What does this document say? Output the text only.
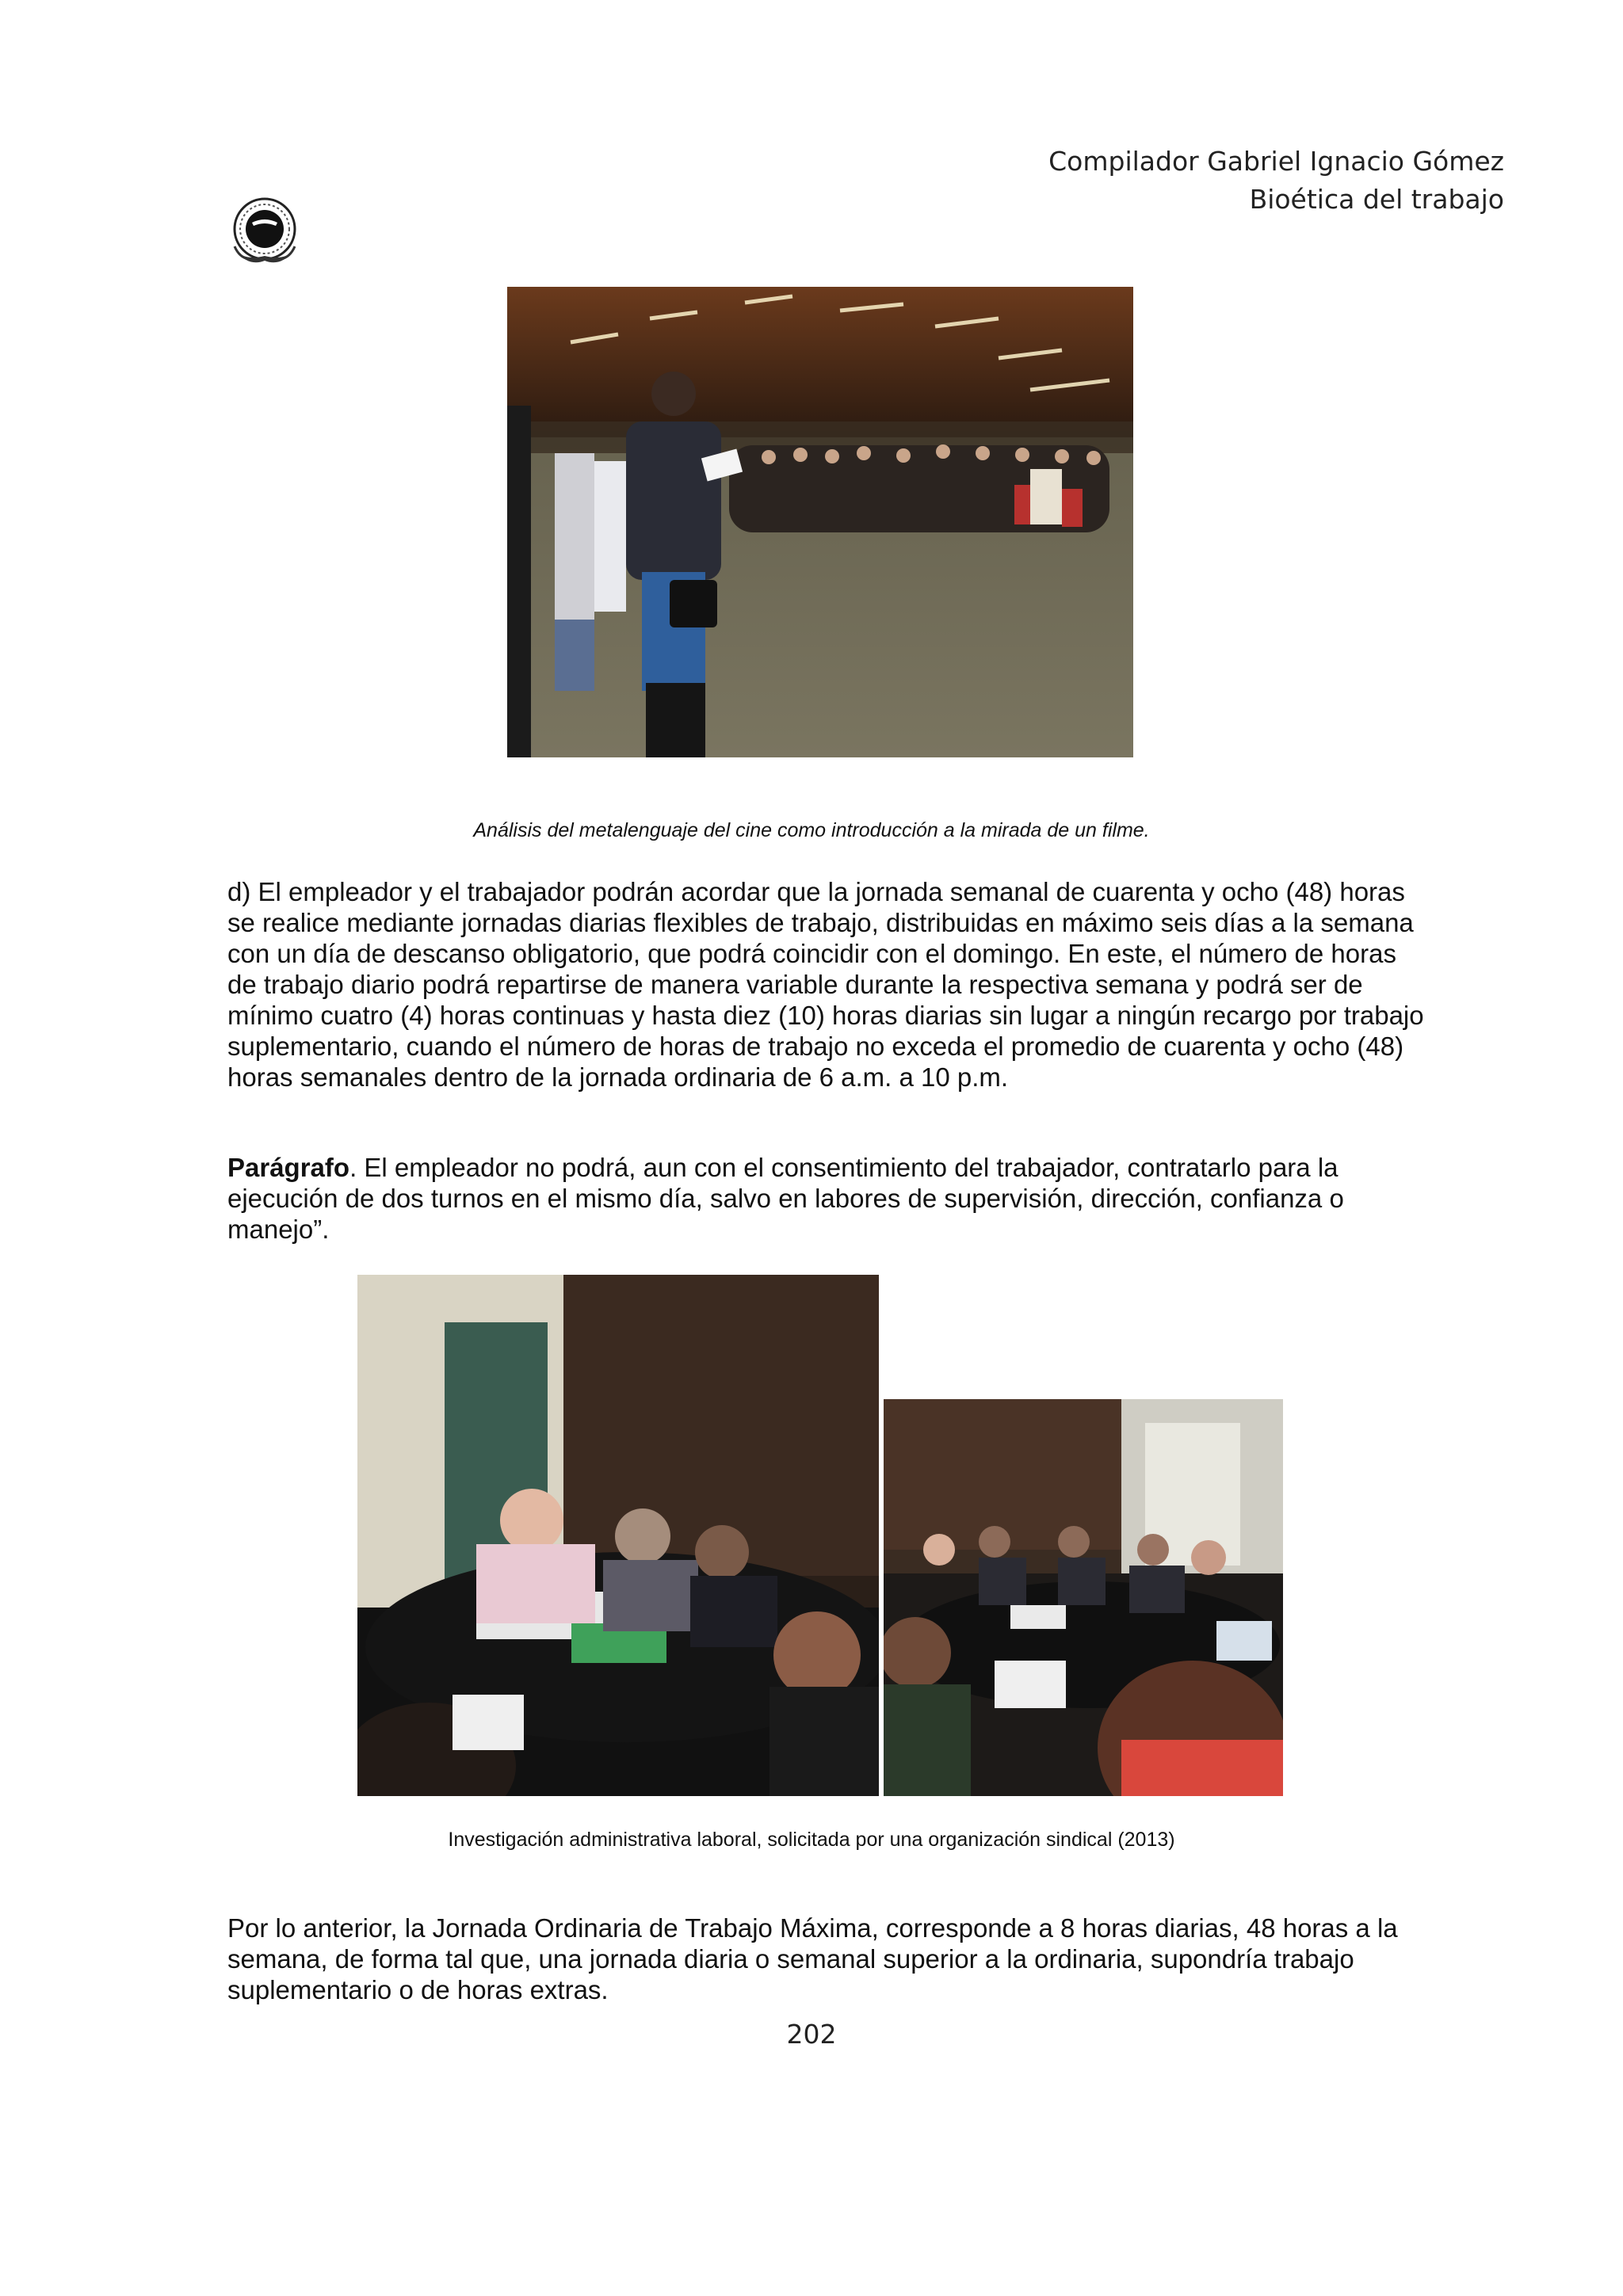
Compilador Gabriel Ignacio Gómez
Bioética del trabajo
Análisis del metalenguaje del cine como introducción a la mirada de un filme.
d) El empleador y el trabajador podrán acordar que la jornada semanal de cuarenta y ocho (48) horas se realice mediante jornadas diarias flexibles de trabajo, distribuidas en máximo seis días a la semana con un día de descanso obligatorio, que podrá coincidir con el domingo. En este, el número de horas de trabajo diario podrá repartirse de manera variable durante la respectiva semana y podrá ser de mínimo cuatro (4) horas continuas y hasta diez (10) horas diarias sin lugar a ningún recargo por trabajo suplementario, cuando el número de horas de trabajo no exceda el promedio de cuarenta y ocho (48) horas semanales dentro de la jornada ordinaria de 6 a.m. a 10 p.m.
Parágrafo. El empleador no podrá, aun con el consentimiento del trabajador, contratarlo para la ejecución de dos turnos en el mismo día, salvo en labores de supervisión, dirección, confianza o manejo”.
Investigación administrativa laboral, solicitada por una organización sindical (2013)
Por lo anterior, la Jornada Ordinaria de Trabajo Máxima, corresponde a 8 horas diarias, 48 horas a la semana, de forma tal que, una jornada diaria o semanal superior a la ordinaria, supondría trabajo suplementario o de horas extras.
202
